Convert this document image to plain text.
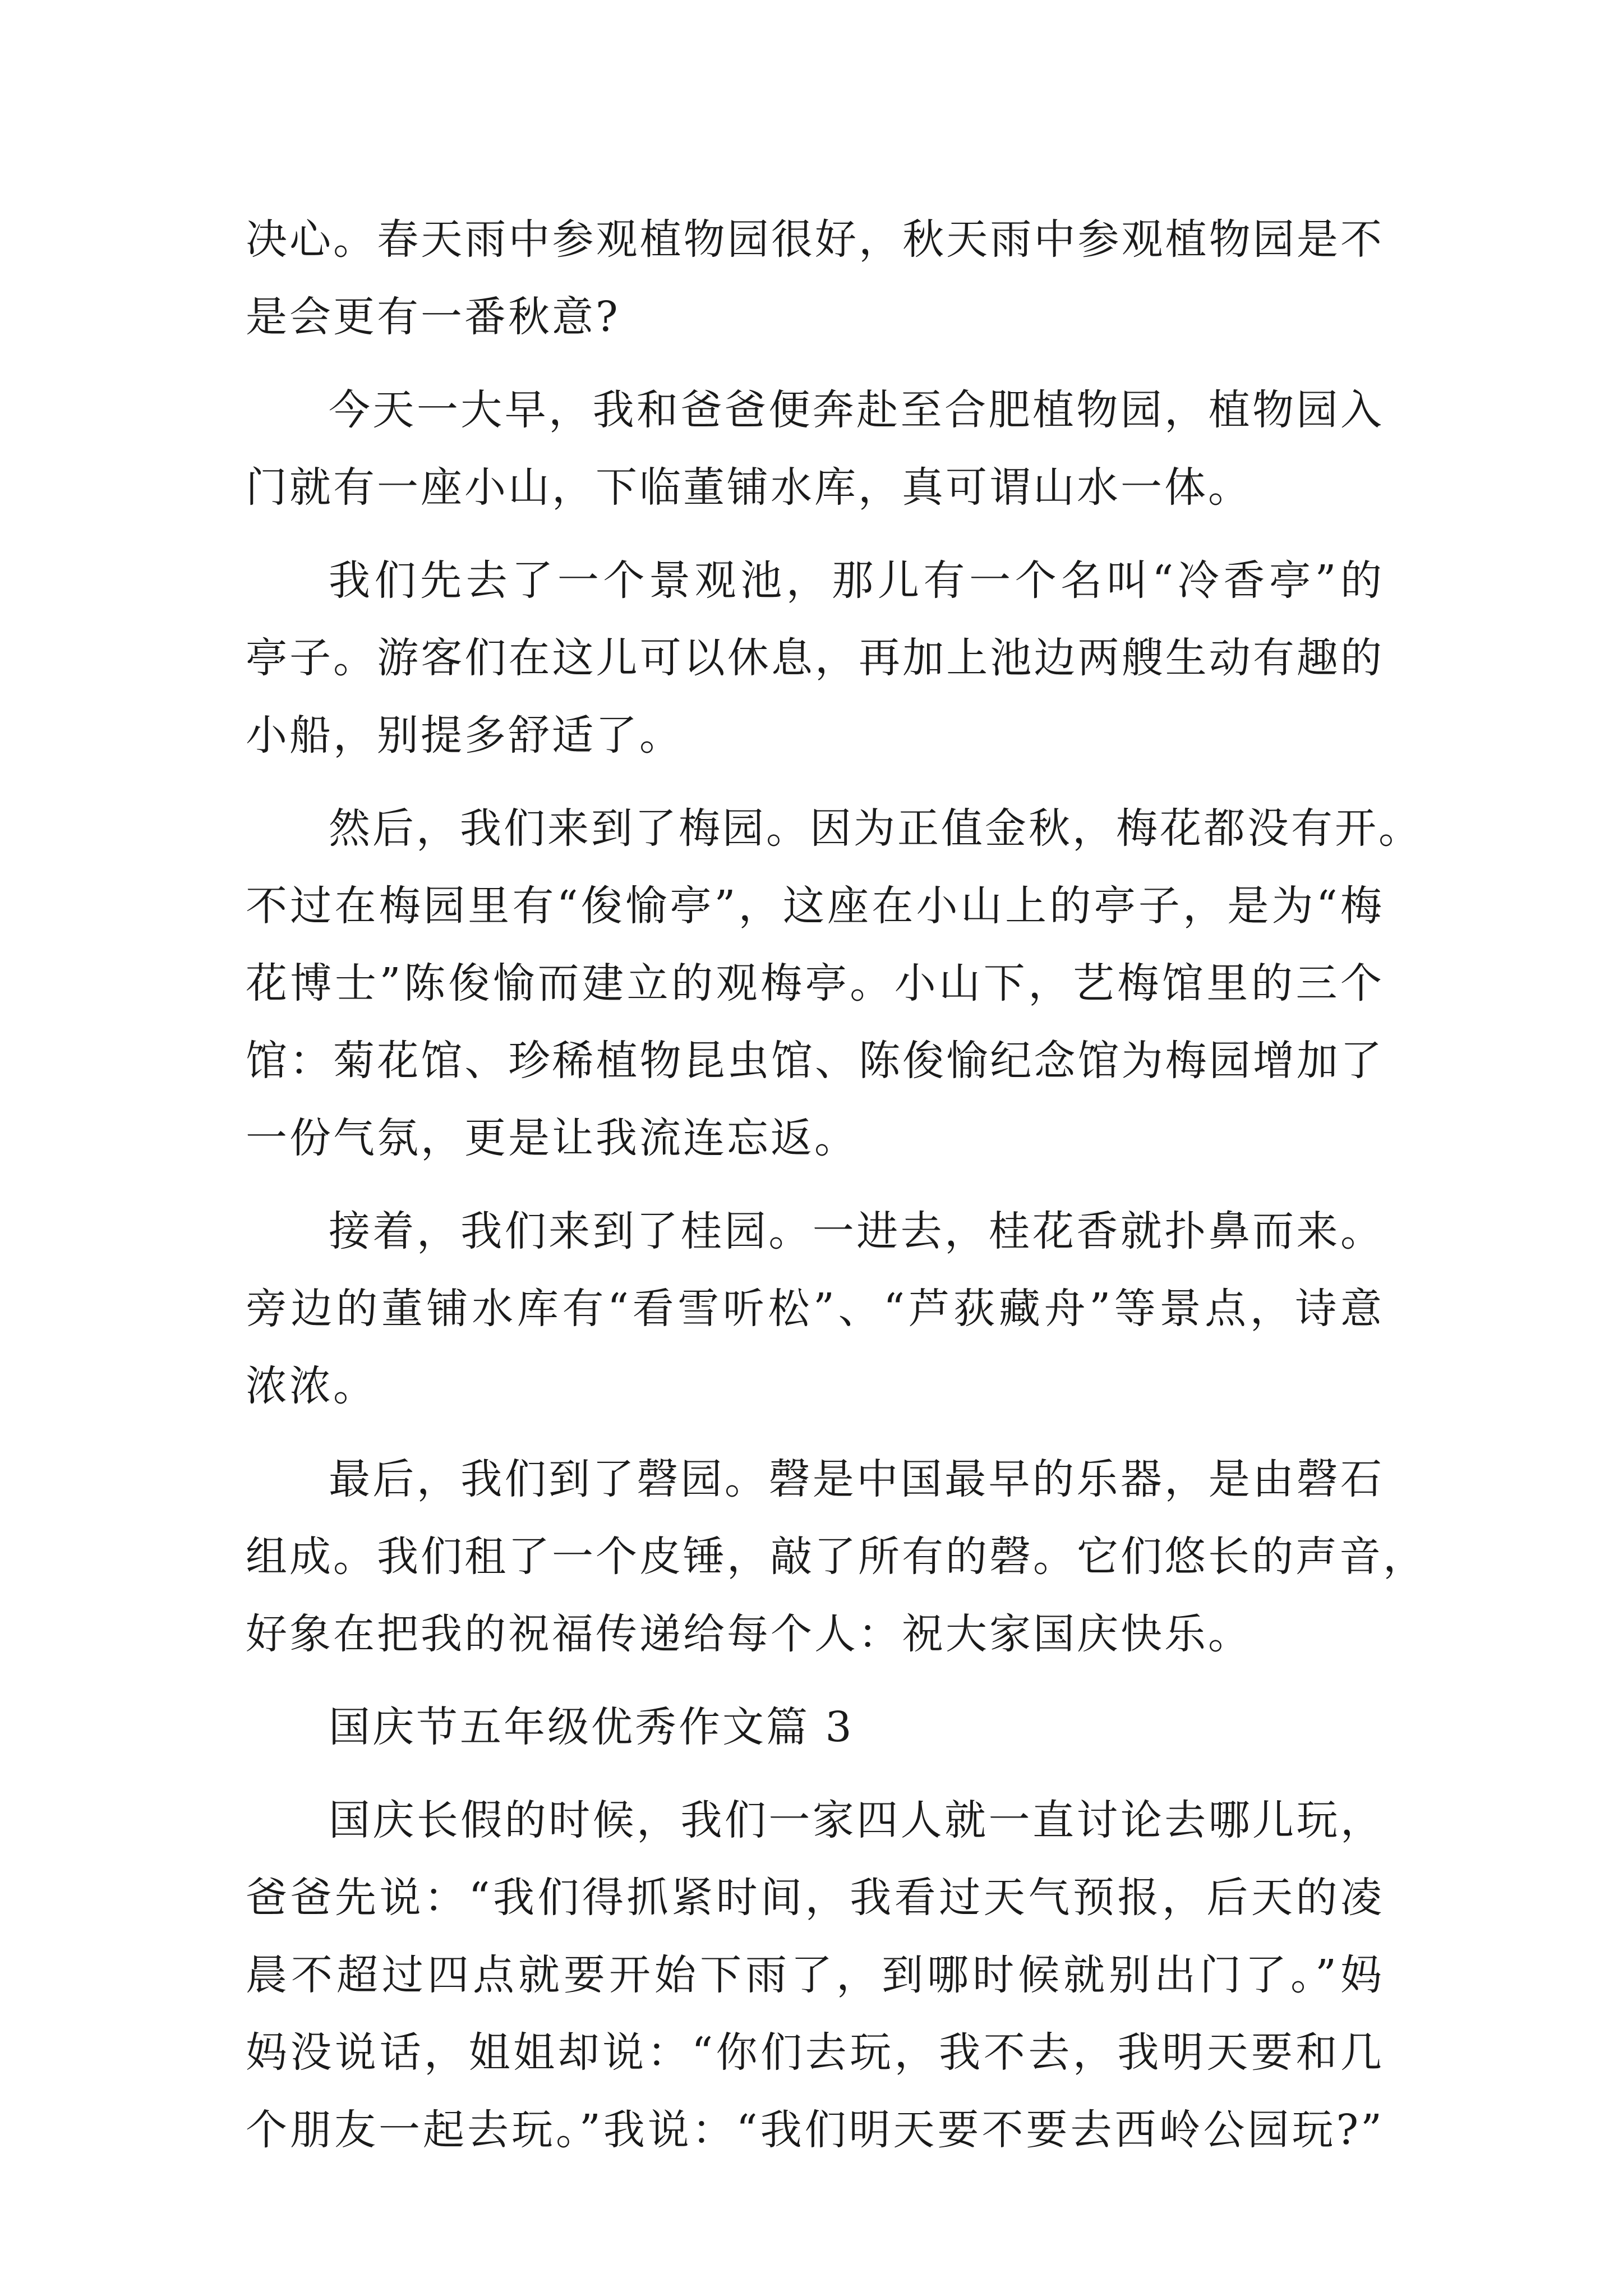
决心。春天雨中参观植物园很好，秋天雨中参观植物园是不
是会更有一番秋意?
今天一大早，我和爸爸便奔赴至合肥植物园，植物园入
门就有一座小山，下临董铺水库，真可谓山水一体。
我们先去了一个景观池，那儿有一个名叫“冷香亭”的
亭子。游客们在这儿可以休息，再加上池边两艘生动有趣的
小船，别提多舒适了。
然后，我们来到了梅园。因为正值金秋，梅花都没有开。
不过在梅园里有“俊愉亭”，这座在小山上的亭子，是为“梅
花博士”陈俊愉而建立的观梅亭。小山下，艺梅馆里的三个
馆：菊花馆、珍稀植物昆虫馆、陈俊愉纪念馆为梅园增加了
一份气氛，更是让我流连忘返。
接着，我们来到了桂园。一进去，桂花香就扑鼻而来。
旁边的董铺水库有“看雪听松”、“芦荻藏舟”等景点，诗意
浓浓。
最后，我们到了磬园。磬是中国最早的乐器，是由磬石
组成。我们租了一个皮锤，敲了所有的磬。它们悠长的声音，
好象在把我的祝福传递给每个人：祝大家国庆快乐。
国庆节五年级优秀作文篇 3
国庆长假的时候，我们一家四人就一直讨论去哪儿玩，
爸爸先说：“我们得抓紧时间，我看过天气预报，后天的凌
晨不超过四点就要开始下雨了，到哪时候就别出门了。”妈
妈没说话，姐姐却说：“你们去玩，我不去，我明天要和几
个朋友一起去玩。”我说：“我们明天要不要去西岭公园玩?”
